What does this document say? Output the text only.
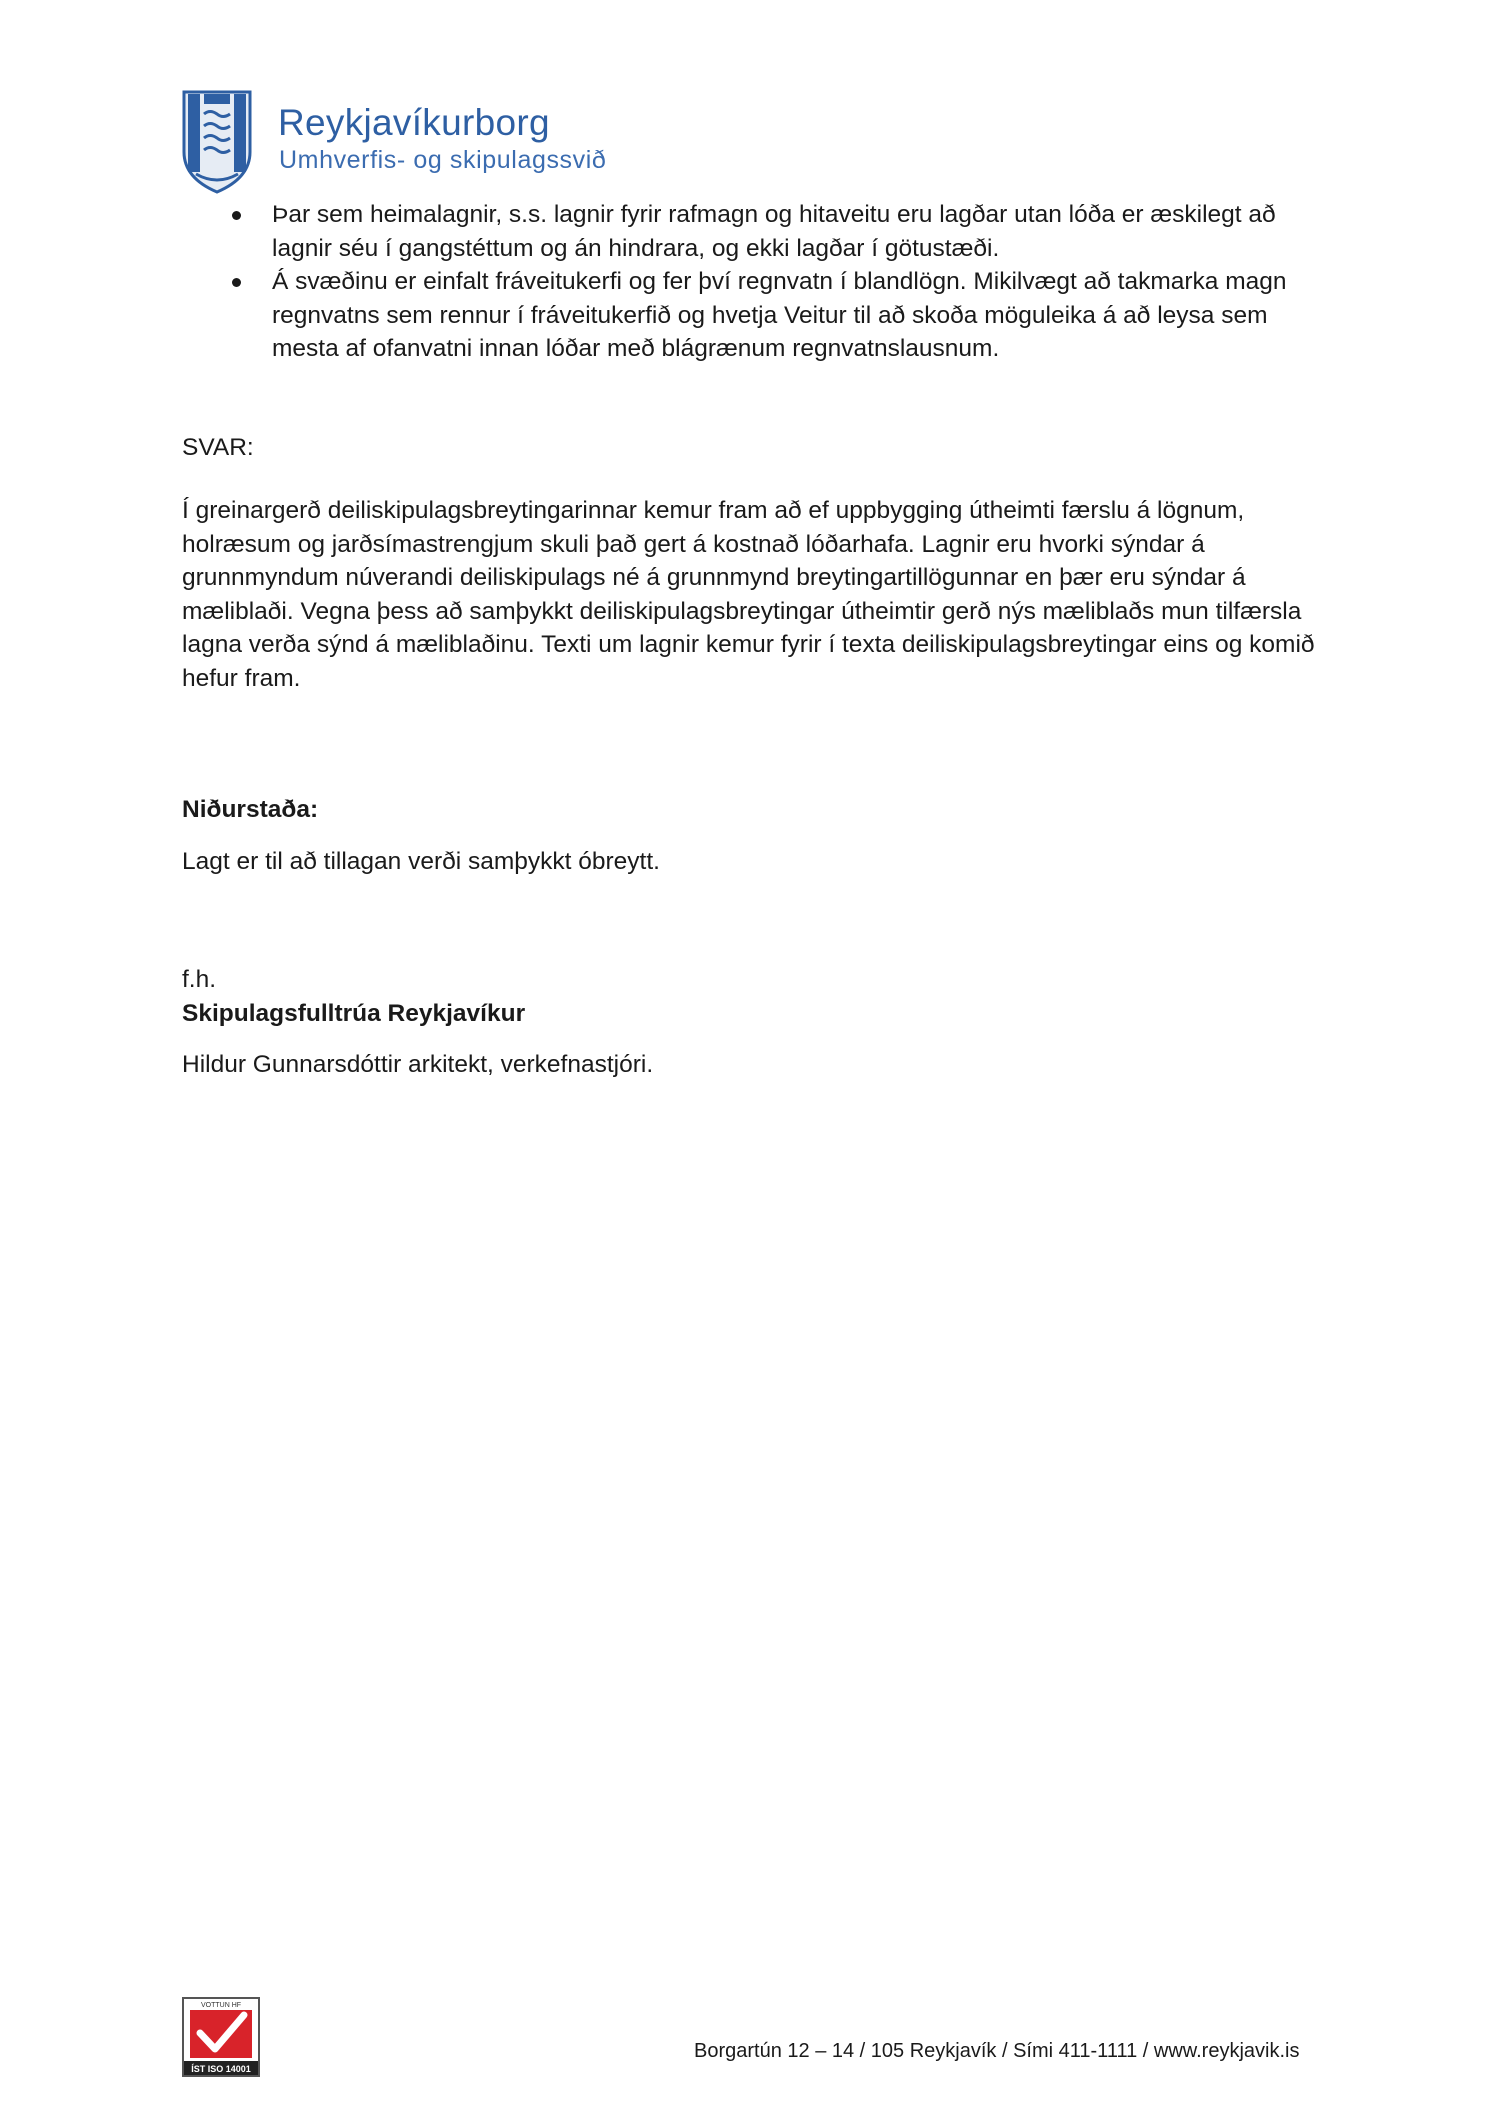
Reykjavíkurborg
Umhverfis- og skipulagssvið
Þar sem heimalagnir, s.s. lagnir fyrir rafmagn og hitaveitu eru lagðar utan lóða er æskilegt að lagnir séu í gangstéttum og án hindrara, og ekki lagðar í götustæði.
Á svæðinu er einfalt fráveitukerfi og fer því regnvatn í blandlögn. Mikilvægt að takmarka magn regnvatns sem rennur í fráveitukerfið og hvetja Veitur til að skoða möguleika á að leysa sem mesta af ofanvatni innan lóðar með blágrænum regnvatnslausnum.

SVAR:

Í greinargerð deiliskipulagsbreytingarinnar kemur fram að ef uppbygging útheimti færslu á lögnum, holræsum og jarðsímastrengjum skuli það gert á kostnað lóðarhafa. Lagnir eru hvorki sýndar á grunnmyndum núverandi deiliskipulags né á grunnmynd breytingartillögunnar en þær eru sýndar á mæliblaði. Vegna þess að samþykkt deiliskipulagsbreytingar útheimtir gerð nýs mæliblaðs mun tilfærsla lagna verða sýnd á mæliblaðinu. Texti um lagnir kemur fyrir í texta deiliskipulagsbreytingar eins og komið hefur fram.

Niðurstaða:

Lagt er til að tillagan verði samþykkt óbreytt.

f.h.

Skipulagsfulltrúa Reykjavíkur

Hildur Gunnarsdóttir arkitekt, verkefnastjóri.

VOTTUN HF
ÍST ISO 14001
Borgartún 12 – 14 / 105 Reykjavík / Sími 411-1111 / www.reykjavik.is
